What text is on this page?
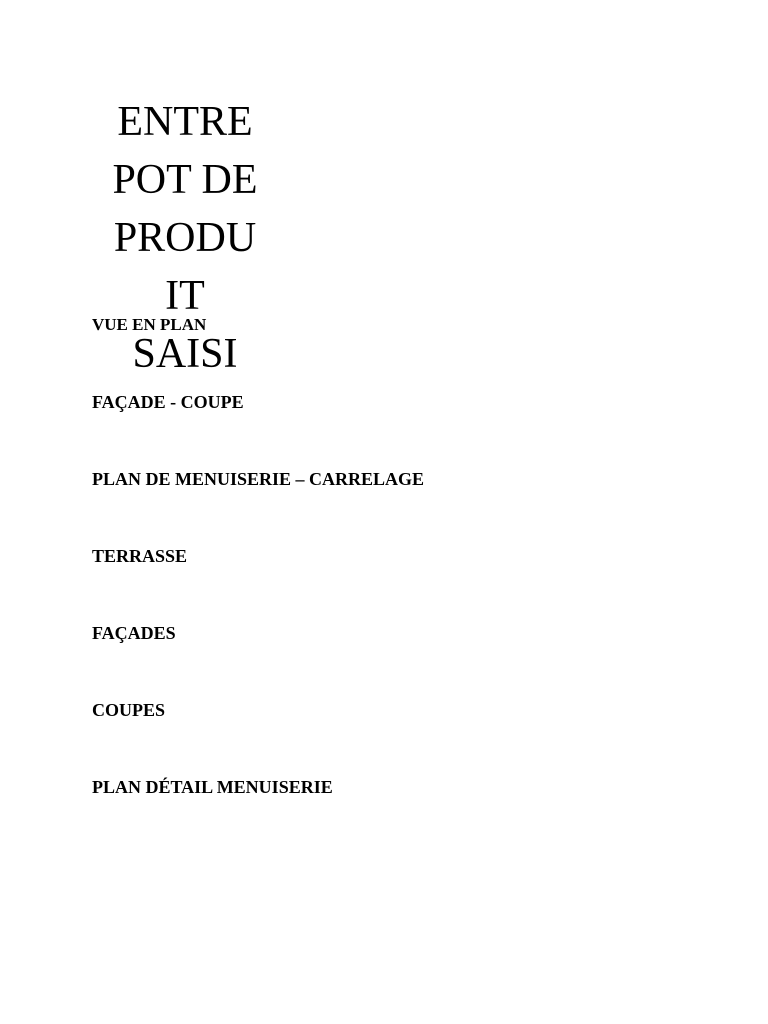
ENTRE
POT DE
PRODU
IT
SAISI
VUE EN PLAN
FAÇADE - COUPE
PLAN DE MENUISERIE – CARRELAGE
TERRASSE
FAÇADES
COUPES
PLAN DÉTAIL MENUISERIE
